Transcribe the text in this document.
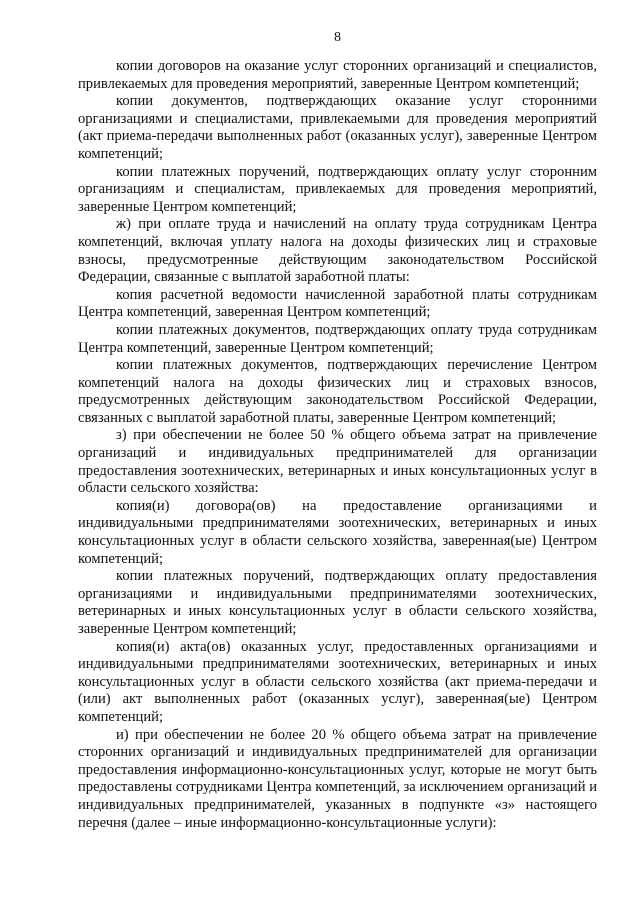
8

копии договоров на оказание услуг сторонних организаций и специалистов, привлекаемых для проведения мероприятий, заверенные Центром компетенций;

копии документов, подтверждающих оказание услуг сторонними организациями и специалистами, привлекаемыми для проведения мероприятий (акт приема-передачи выполненных работ (оказанных услуг), заверенные Центром компетенций;

копии платежных поручений, подтверждающих оплату услуг сторонним организациям и специалистам, привлекаемых для проведения мероприятий, заверенные Центром компетенций;

ж) при оплате труда и начислений на оплату труда сотрудникам Центра компетенций, включая уплату налога на доходы физических лиц и страховые взносы, предусмотренные действующим законодательством Российской Федерации, связанные с выплатой заработной платы:

копия расчетной ведомости начисленной заработной платы сотрудникам Центра компетенций, заверенная Центром компетенций;

копии платежных документов, подтверждающих оплату труда сотрудникам Центра компетенций, заверенные Центром компетенций;

копии платежных документов, подтверждающих перечисление Центром компетенций налога на доходы физических лиц и страховых взносов, предусмотренных действующим законодательством Российской Федерации, связанных с выплатой заработной платы, заверенные Центром компетенций;

з) при обеспечении не более 50 % общего объема затрат на привлечение организаций и индивидуальных предпринимателей для организации предоставления зоотехнических, ветеринарных и иных консультационных услуг в области сельского хозяйства:

копия(и) договора(ов) на предоставление организациями и индивидуальными предпринимателями зоотехнических, ветеринарных и иных консультационных услуг в области сельского хозяйства, заверенная(ые) Центром компетенций;

копии платежных поручений, подтверждающих оплату предоставления организациями и индивидуальными предпринимателями зоотехнических, ветеринарных и иных консультационных услуг в области сельского хозяйства, заверенные Центром компетенций;

копия(и) акта(ов) оказанных услуг, предоставленных организациями и индивидуальными предпринимателями зоотехнических, ветеринарных и иных консультационных услуг в области сельского хозяйства (акт приема-передачи и (или) акт выполненных работ (оказанных услуг), заверенная(ые) Центром компетенций;

и) при обеспечении не более 20 % общего объема затрат на привлечение сторонних организаций и индивидуальных предпринимателей для организации предоставления информационно-консультационных услуг, которые не могут быть предоставлены сотрудниками Центра компетенций, за исключением организаций и индивидуальных предпринимателей, указанных в подпункте «з» настоящего перечня (далее – иные информационно-консультационные услуги):
